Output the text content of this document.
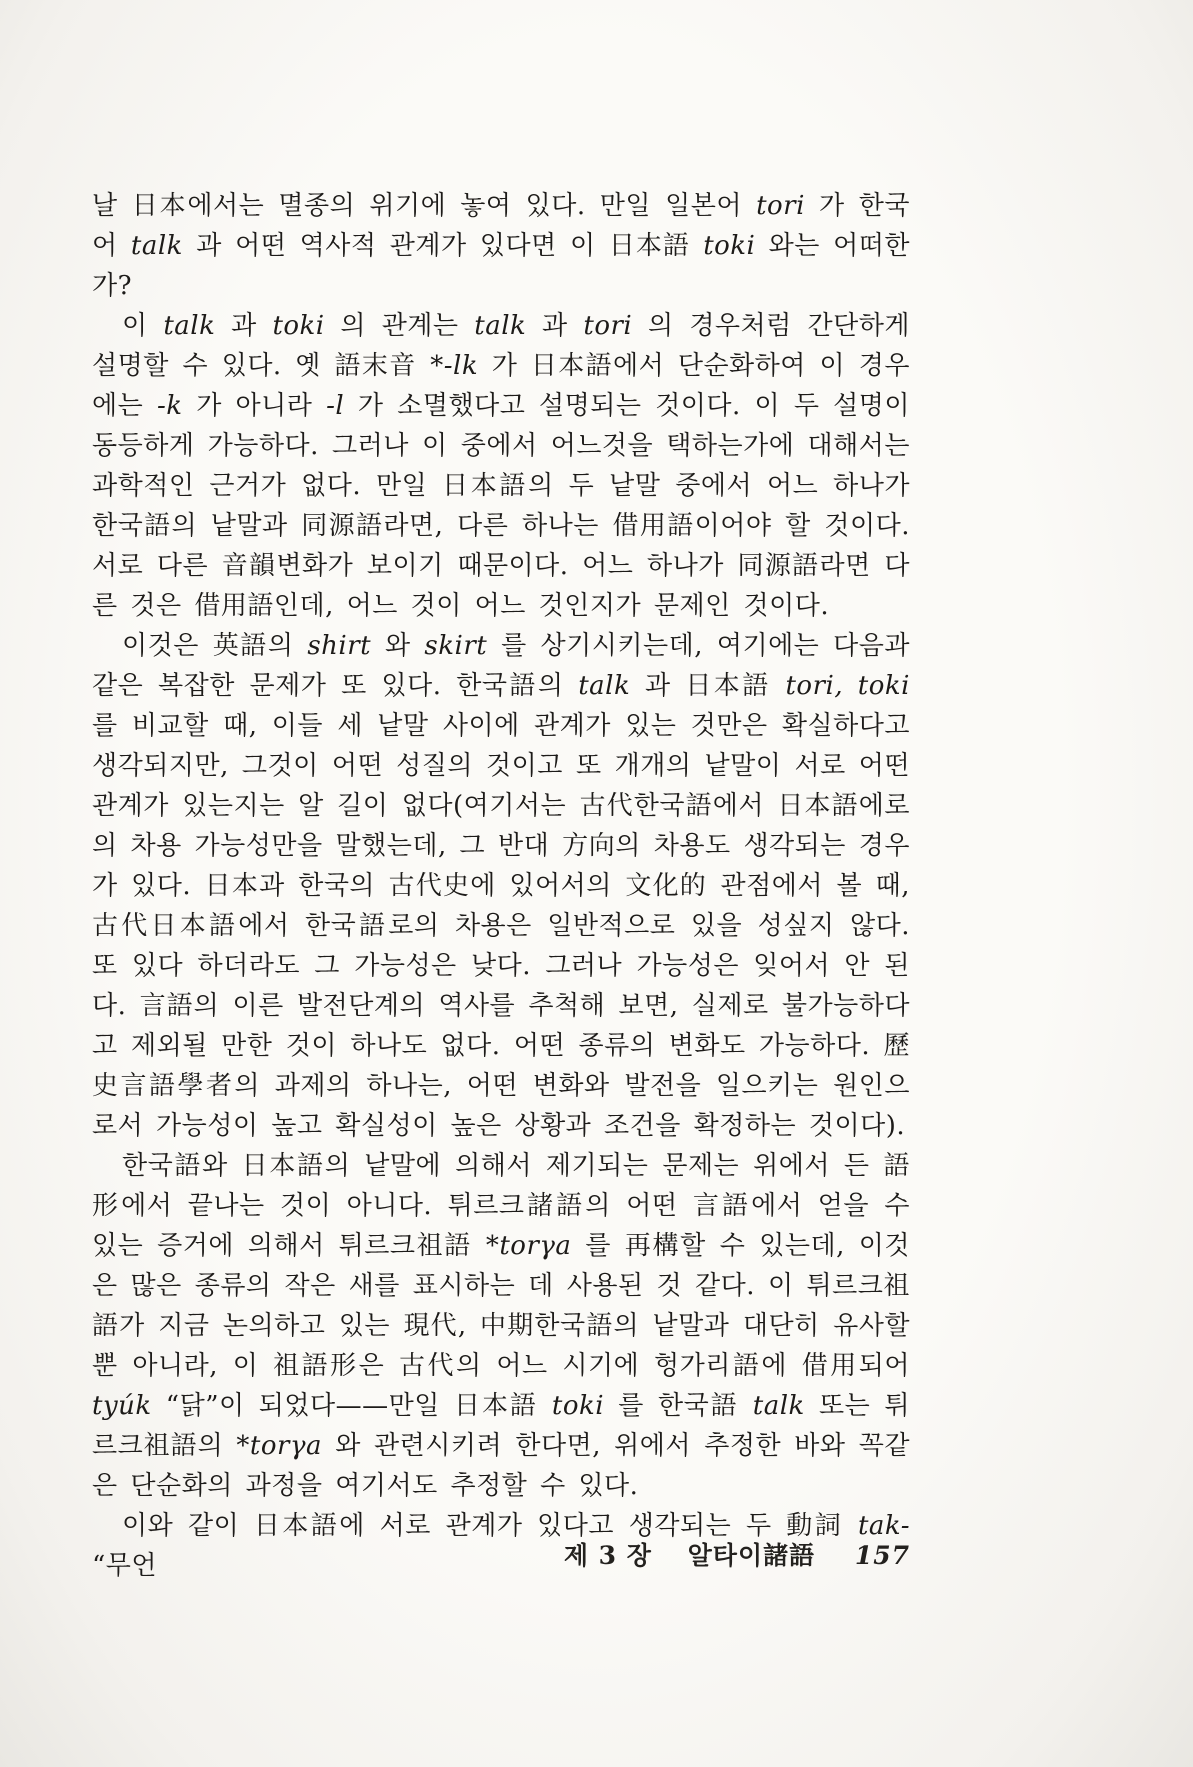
날 日本에서는 멸종의 위기에 놓여 있다. 만일 일본어 tori 가 한국어 talk 과 어떤 역사적 관계가 있다면 이 日本語 toki 와는 어떠한가?

이 talk 과 toki 의 관계는 talk 과 tori 의 경우처럼 간단하게 설명할 수 있다. 옛 語末音 *-lk 가 日本語에서 단순화하여 이 경우에는 -k 가 아니라 -l 가 소멸했다고 설명되는 것이다. 이 두 설명이 동등하게 가능하다. 그러나 이 중에서 어느것을 택하는가에 대해서는 과학적인 근거가 없다. 만일 日本語의 두 낱말 중에서 어느 하나가 한국語의 낱말과 同源語라면, 다른 하나는 借用語이어야 할 것이다. 서로 다른 音韻변화가 보이기 때문이다. 어느 하나가 同源語라면 다른 것은 借用語인데, 어느 것이 어느 것인지가 문제인 것이다.

이것은 英語의 shirt 와 skirt 를 상기시키는데, 여기에는 다음과 같은 복잡한 문제가 또 있다. 한국語의 talk 과 日本語 tori, toki 를 비교할 때, 이들 세 낱말 사이에 관계가 있는 것만은 확실하다고 생각되지만, 그것이 어떤 성질의 것이고 또 개개의 낱말이 서로 어떤 관계가 있는지는 알 길이 없다(여기서는 古代한국語에서 日本語에로의 차용 가능성만을 말했는데, 그 반대 方向의 차용도 생각되는 경우가 있다. 日本과 한국의 古代史에 있어서의 文化的 관점에서 볼 때, 古代日本語에서 한국語로의 차용은 일반적으로 있을 성싶지 않다. 또 있다 하더라도 그 가능성은 낮다. 그러나 가능성은 잊어서 안 된다. 言語의 이른 발전단계의 역사를 추척해 보면, 실제로 불가능하다고 제외될 만한 것이 하나도 없다. 어떤 종류의 변화도 가능하다. 歷史言語學者의 과제의 하나는, 어떤 변화와 발전을 일으키는 원인으로서 가능성이 높고 확실성이 높은 상황과 조건을 확정하는 것이다).

한국語와 日本語의 낱말에 의해서 제기되는 문제는 위에서 든 語形에서 끝나는 것이 아니다. 튀르크諸語의 어떤 言語에서 얻을 수 있는 증거에 의해서 튀르크祖語 *torγa 를 再構할 수 있는데, 이것은 많은 종류의 작은 새를 표시하는 데 사용된 것 같다. 이 튀르크祖語가 지금 논의하고 있는 現代, 中期한국語의 낱말과 대단히 유사할 뿐 아니라, 이 祖語形은 古代의 어느 시기에 헝가리語에 借用되어 tyúk “닭”이 되었다——만일 日本語 toki 를 한국語 talk 또는 튀르크祖語의 *torγa 와 관련시키려 한다면, 위에서 추정한 바와 꼭같은 단순화의 과정을 여기서도 추정할 수 있다.

이와 같이 日本語에 서로 관계가 있다고 생각되는 두 動詞 tak- “무언	제 3 장 알타이諸語 157
